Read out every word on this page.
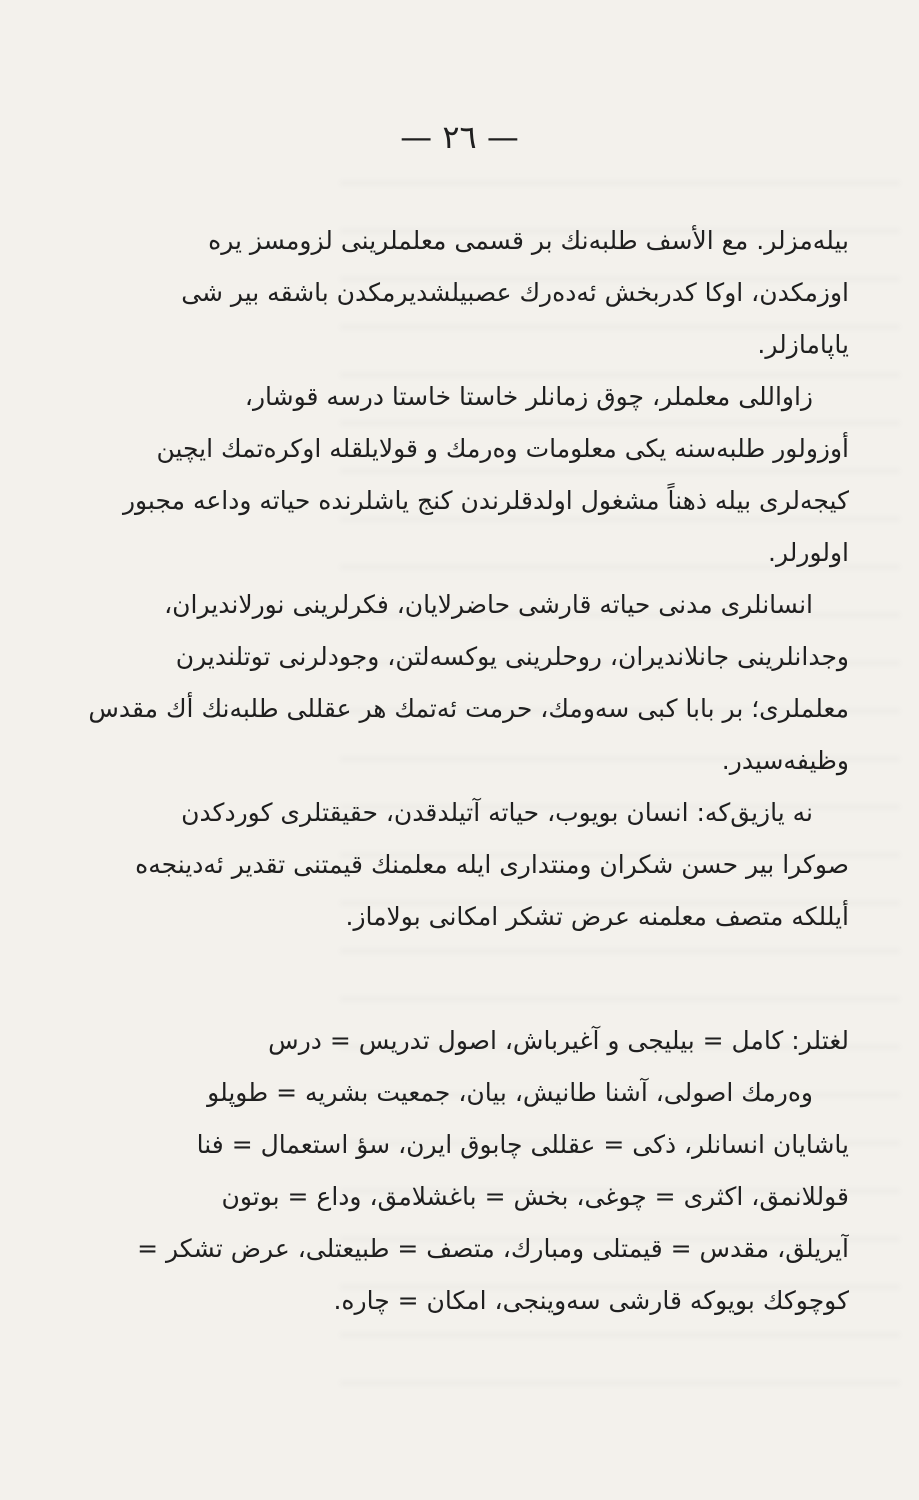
— ٢٦ —
بیله‌مزلر. مع الأسف طلبه‌نك بر قسمی معلملرینی لزومسز یره
اوزمکدن، اوکا کدربخش ئه‌ده‌رك عصبیلشدیرمکدن باشقه بیر شی
یاپامازلر.
زاواللی معلملر، چوق زمانلر خاستا خاستا درسه قوشار،
أوزولور طلبه‌سنه یکی معلومات وه‌رمك و قولایلقله اوکره‌تمك ایچین
کیجه‌لری بیله ذهناً مشغول اولدقلرندن کنج یاشلرنده حیاته وداعه مجبور
اولورلر.
انسانلری مدنی حیاته قارشی حاضرلایان، فکرلرینی نورلاندیران،
وجدانلرینی جانلاندیران، روحلرینی یوکسه‌لتن، وجودلرنی توتلندیرن
معلملری؛ بر بابا کبی سه‌ومك، حرمت ئه‌تمك هر عقللی طلبه‌نك أك مقدس
وظیفه‌سیدر.
نه یازیق‌که: انسان بویوب، حیاته آتیلدقدن، حقیقتلری کوردکدن
صوکرا بیر حسن شکران ومنتداری ایله معلمنك قیمتنی تقدیر ئه‌دینجه‌ه
أیللکه متصف معلمنه عرض تشکر امکانی بولاماز.
لغتلر: کامل = بیلیجی و آغیرباش، اصول تدریس = درس
وه‌رمك اصولی، آشنا طانیش، بیان، جمعیت بشریه = طوپلو
یاشایان انسانلر، ذکی = عقللی چابوق ایرن، سؤ استعمال = فنا
قوللانمق، اکثری = چوغی، بخش = باغشلامق، وداع = بوتون
آیریلق، مقدس = قیمتلی ومبارك، متصف = طبیعتلی، عرض تشکر =
کوچوکك بویوکه قارشی سه‌وینجی، امکان = چاره.
